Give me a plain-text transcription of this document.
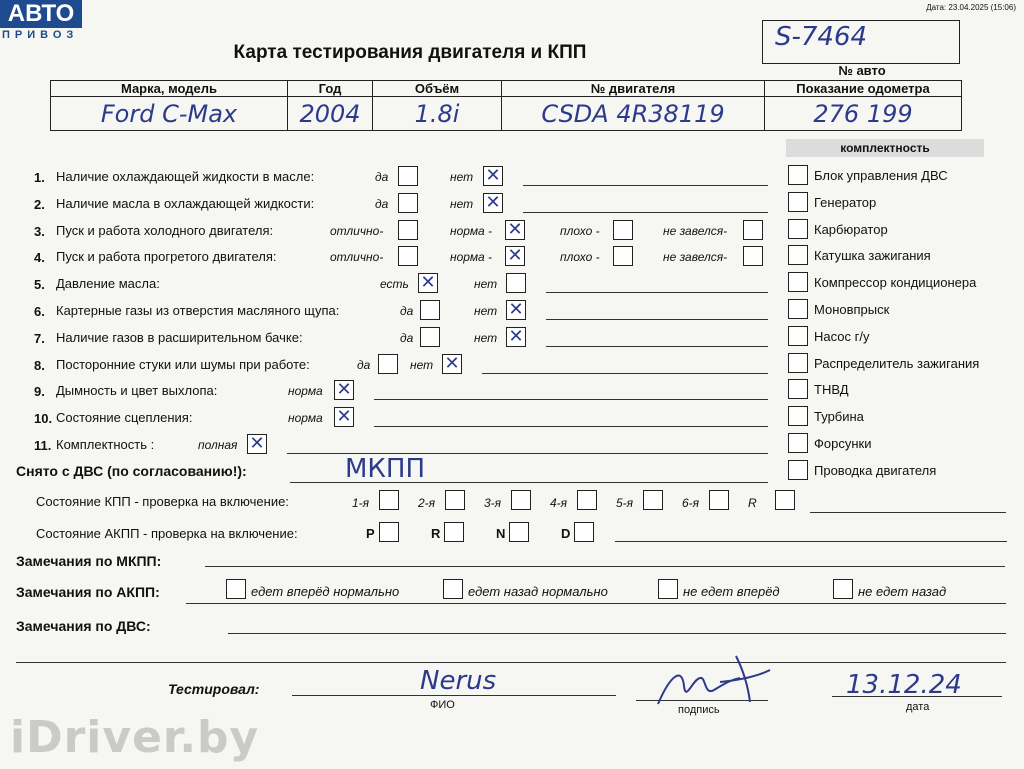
АВТО
ПРИВОЗ
Дата: 23.04.2025 (15:06)
Карта тестирования двигателя и КПП
S-7464
Марка, модель	Год	Объём	№ двигателя	Показание одометра
Ford C-Max	2004	1.8i	CSDA 4R38119	276 199
№ авто
комплектность
Блок управления ДВС
Генератор
Карбюратор
Катушка зажигания
Компрессор кондиционера
Моновпрыск
Насос г/у
Распределитель зажигания
ТНВД
Турбина
Форсунки
Проводка двигателя
1. Наличие охлаждающей жидкости в масле:	да	нет ✕
2. Наличие масла в охлаждающей жидкости:	да	нет ✕
3. Пуск и работа холодного двигателя:	отлично-	норма - ✕	плохо -	не завелся-
4. Пуск и работа прогретого двигателя:	отлично-	норма - ✕	плохо -	не завелся-
5. Давление масла:	есть ✕	нет
6. Картерные газы из отверстия масляного щупа:	да	нет ✕
7. Наличие газов в расширительном бачке:	да	нет ✕
8. Посторонние стуки или шумы при работе:	да	нет ✕
9. Дымность и цвет выхлопа:	норма ✕
10. Состояние сцепления:	норма ✕
11. Комплектность :	полная ✕
Снято с ДВС (по согласованию!):	МКПП
Состояние КПП - проверка на включение:	1-я	2-я	3-я	4-я	5-я	6-я	R
Состояние АКПП - проверка на включение:	P	R	N	D
Замечания по МКПП:
Замечания по АКПП:	едет вперёд нормально	едет назад нормально	не едет вперёд	не едет назад
Замечания по ДВС:
Тестировал:	Nerus
ФИО	подпись
13.12.24
дата
iDriver.by
